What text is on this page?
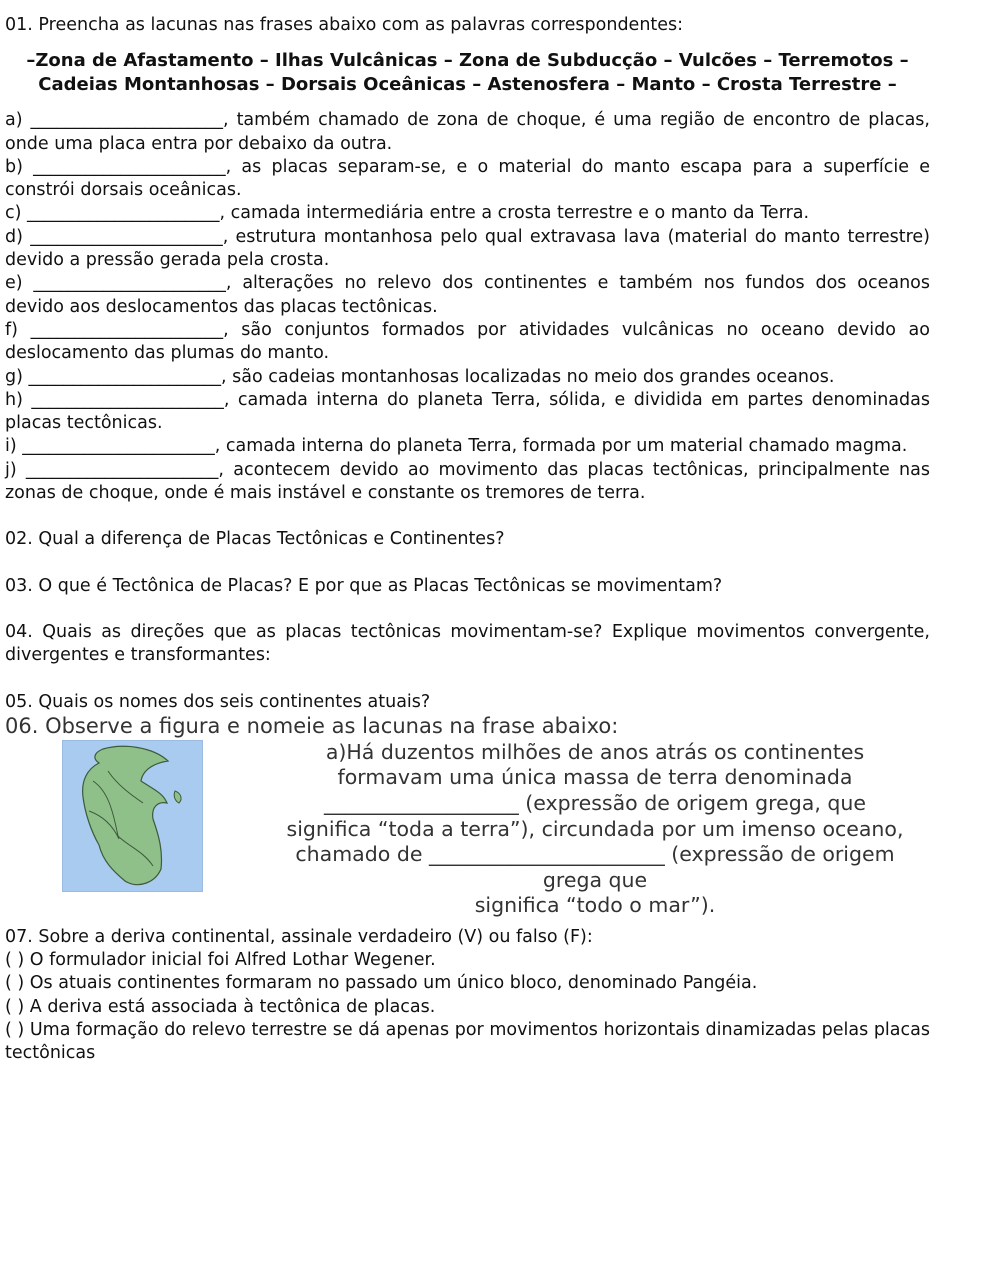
01. Preencha as lacunas nas frases abaixo com as palavras correspondentes:

–Zona de Afastamento – Ilhas Vulcânicas – Zona de Subducção – Vulcões – Terremotos – Cadeias Montanhosas – Dorsais Oceânicas – Astenosfera – Manto – Crosta Terrestre –

a) ______________________, também chamado de zona de choque, é uma região de encontro de placas, onde uma placa entra por debaixo da outra.

b) ______________________, as placas separam-se, e o material do manto escapa para a superfície e constrói dorsais oceânicas.

c) ______________________, camada intermediária entre a crosta terrestre e o manto da Terra.

d) ______________________, estrutura montanhosa pelo qual extravasa lava (material do manto terrestre) devido a pressão gerada pela crosta.

e) ______________________, alterações no relevo dos continentes e também nos fundos dos oceanos devido aos deslocamentos das placas tectônicas.

f) ______________________, são conjuntos formados por atividades vulcânicas no oceano devido ao deslocamento das plumas do manto.

g) ______________________, são cadeias montanhosas localizadas no meio dos grandes oceanos.

h) ______________________, camada interna do planeta Terra, sólida, e dividida em partes denominadas placas tectônicas.

i) ______________________, camada interna do planeta Terra, formada por um material chamado magma.

j) ______________________, acontecem devido ao movimento das placas tectônicas, principalmente nas zonas de choque, onde é mais instável e constante os tremores de terra.

02. Qual a diferença de Placas Tectônicas e Continentes?

03. O que é Tectônica de Placas? E por que as Placas Tectônicas se movimentam?

04. Quais as direções que as placas tectônicas movimentam-se? Explique movimentos convergente, divergentes e transformantes:

05. Quais os nomes dos seis continentes atuais?

06. Observe a figura e nomeie as lacunas na frase abaixo:
a)Há duzentos milhões de anos atrás os continentes
formavam uma única massa de terra denominada
___________________ (expressão de origem grega, que
significa “toda a terra”), circundada por um imenso oceano,
chamado de _______________________ (expressão de origem
grega que
significa “todo o mar”).

07. Sobre a deriva continental, assinale verdadeiro (V) ou falso (F):

( ) O formulador inicial foi Alfred Lothar Wegener.

( ) Os atuais continentes formaram no passado um único bloco, denominado Pangéia.

( ) A deriva está associada à tectônica de placas.

( ) Uma formação do relevo terrestre se dá apenas por movimentos horizontais dinamizadas pelas placas tectônicas
